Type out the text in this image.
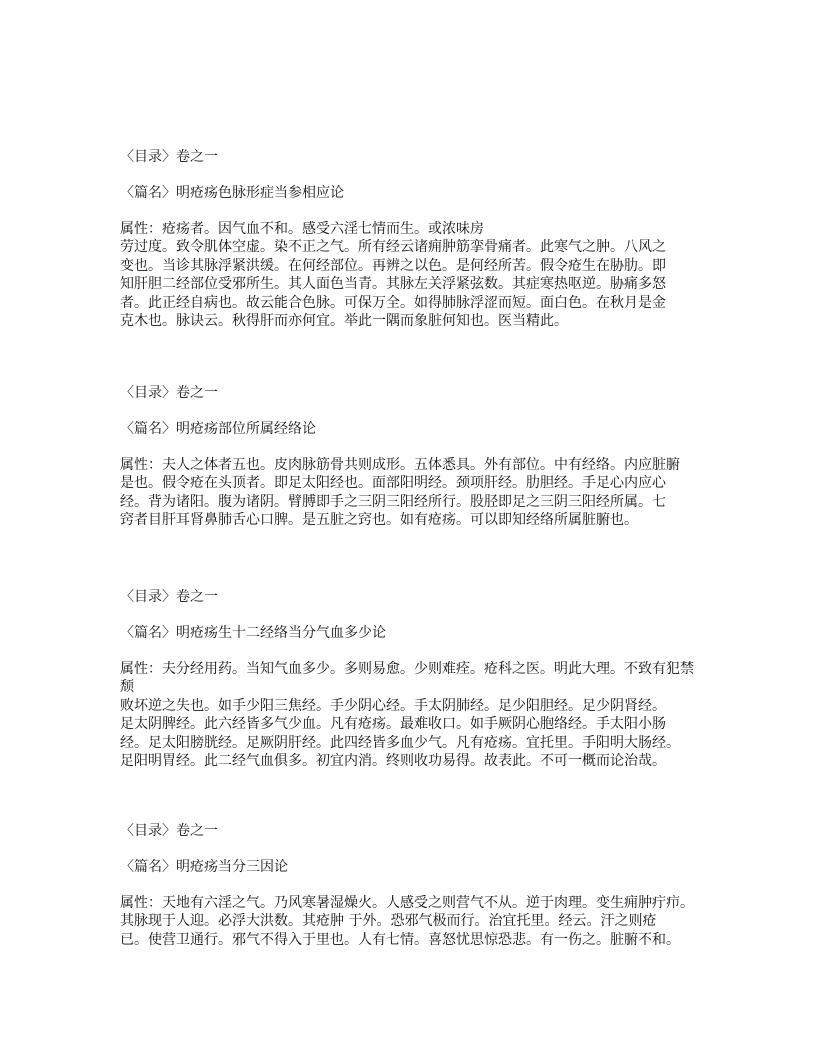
〈目录〉卷之一
〈篇名〉明疮疡色脉形症当参相应论
属性：疮疡者。因气血不和。感受六淫七情而生。或浓味房
劳过度。致令肌体空虚。染不正之气。所有经云诸痈肿筋挛骨痛者。此寒气之肿。八风之
变也。当诊其脉浮紧洪缓。在何经部位。再辨之以色。是何经所苦。假令疮生在胁肋。即
知肝胆二经部位受邪所生。其人面色当青。其脉左关浮紧弦数。其症寒热呕逆。胁痛多怒
者。此正经自病也。故云能合色脉。可保万全。如得肺脉浮涩而短。面白色。在秋月是金
克木也。脉诀云。秋得肝而亦何宜。举此一隅而象脏何知也。医当精此。
〈目录〉卷之一
〈篇名〉明疮疡部位所属经络论
属性：夫人之体者五也。皮肉脉筋骨共则成形。五体悉具。外有部位。中有经络。内应脏腑
是也。假令疮在头顶者。即足太阳经也。面部阳明经。颈项肝经。肋胆经。手足心内应心
经。背为诸阳。腹为诸阴。臂膊即手之三阴三阳经所行。股胫即足之三阴三阳经所属。七
窍者目肝耳肾鼻肺舌心口脾。是五脏之窍也。如有疮疡。可以即知经络所属脏腑也。
〈目录〉卷之一
〈篇名〉明疮疡生十二经络当分气血多少论
属性：夫分经用药。当知气血多少。多则易愈。少则难痊。疮科之医。明此大理。不致有犯禁
颓
败坏逆之失也。如手少阳三焦经。手少阴心经。手太阴肺经。足少阳胆经。足少阴肾经。
足太阴脾经。此六经皆多气少血。凡有疮疡。最难收口。如手厥阴心胞络经。手太阳小肠
经。足太阳膀胱经。足厥阴肝经。此四经皆多血少气。凡有疮疡。宜托里。手阳明大肠经。
足阳明胃经。此二经气血俱多。初宜内消。终则收功易得。故表此。不可一概而论治哉。
〈目录〉卷之一
〈篇名〉明疮疡当分三因论
属性：天地有六淫之气。乃风寒暑湿燥火。人感受之则营气不从。逆于肉理。变生痈肿疔疖。
其脉现于人迎。必浮大洪数。其疮肿 于外。恐邪气极而行。治宜托里。经云。汗之则疮
已。使营卫通行。邪气不得入于里也。人有七情。喜怒忧思惊恐悲。有一伤之。脏腑不和。
